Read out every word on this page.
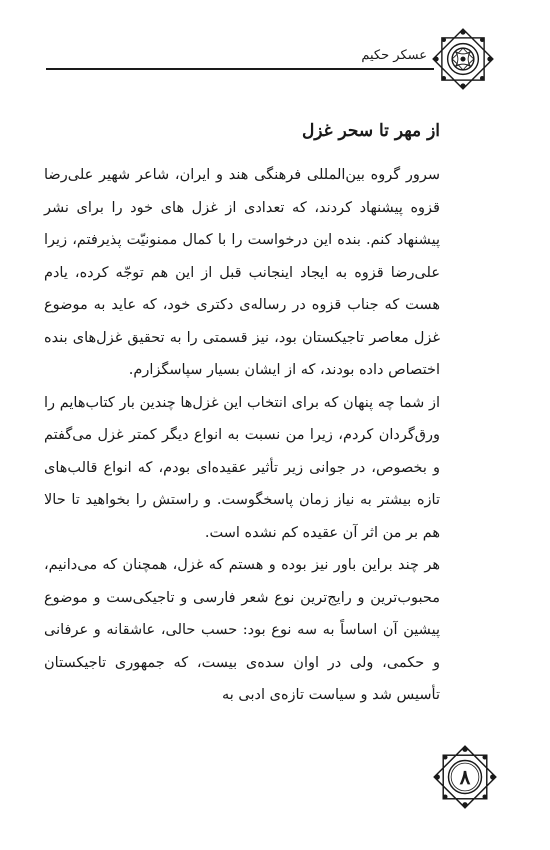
عسکر حکیم
از مهر تا سحر غزل

سرور گروه بین‌المللی فرهنگی هند و ایران، شاعر شهیر علی‌رضا قزوه پیشنهاد کردند، که تعدادی از غزل های خود را برای نشر پیشنهاد کنم. بنده این درخواست را با کمال ممنونیّت پذیرفتم، زیرا علی‌رضا قزوه به ایجاد اینجانب قبل از این هم توجّه کرده، یادم هست که جناب قزوه در رساله‌ی دکتری خود، که عاید به موضوع غزل معاصر تاجیکستان بود، نیز قسمتی را به تحقیق غزل‌های بنده اختصاص داده بودند، که از ایشان بسیار سپاسگزارم.

از شما چه پنهان که برای انتخاب این غزل‌ها چندین بار کتاب‌هایم را ورق‌گردان کردم، زیرا من نسبت به انواع دیگر کمتر غزل می‌گفتم و بخصوص، در جوانی زیر تأثیر عقیده‌ای بودم، که انواع قالب‌های تازه بیشتر به نیاز زمان پاسخگوست. و راستش را بخواهید تا حالا هم بر من اثر آن عقیده کم نشده است.

هر چند براین باور نیز بوده و هستم که غزل، همچنان که می‌دانیم، محبوب‌ترین و رایج‌ترین نوع شعر فارسی و تاجیکی‌ست و موضوع پیشین آن اساساً به سه نوع بود: حسب حالی، عاشقانه و عرفانی و حکمی، ولی در اوان سده‌ی بیست، که جمهوری تاجیکستان تأسیس شد و سیاست تازه‌ی ادبی به

۸
